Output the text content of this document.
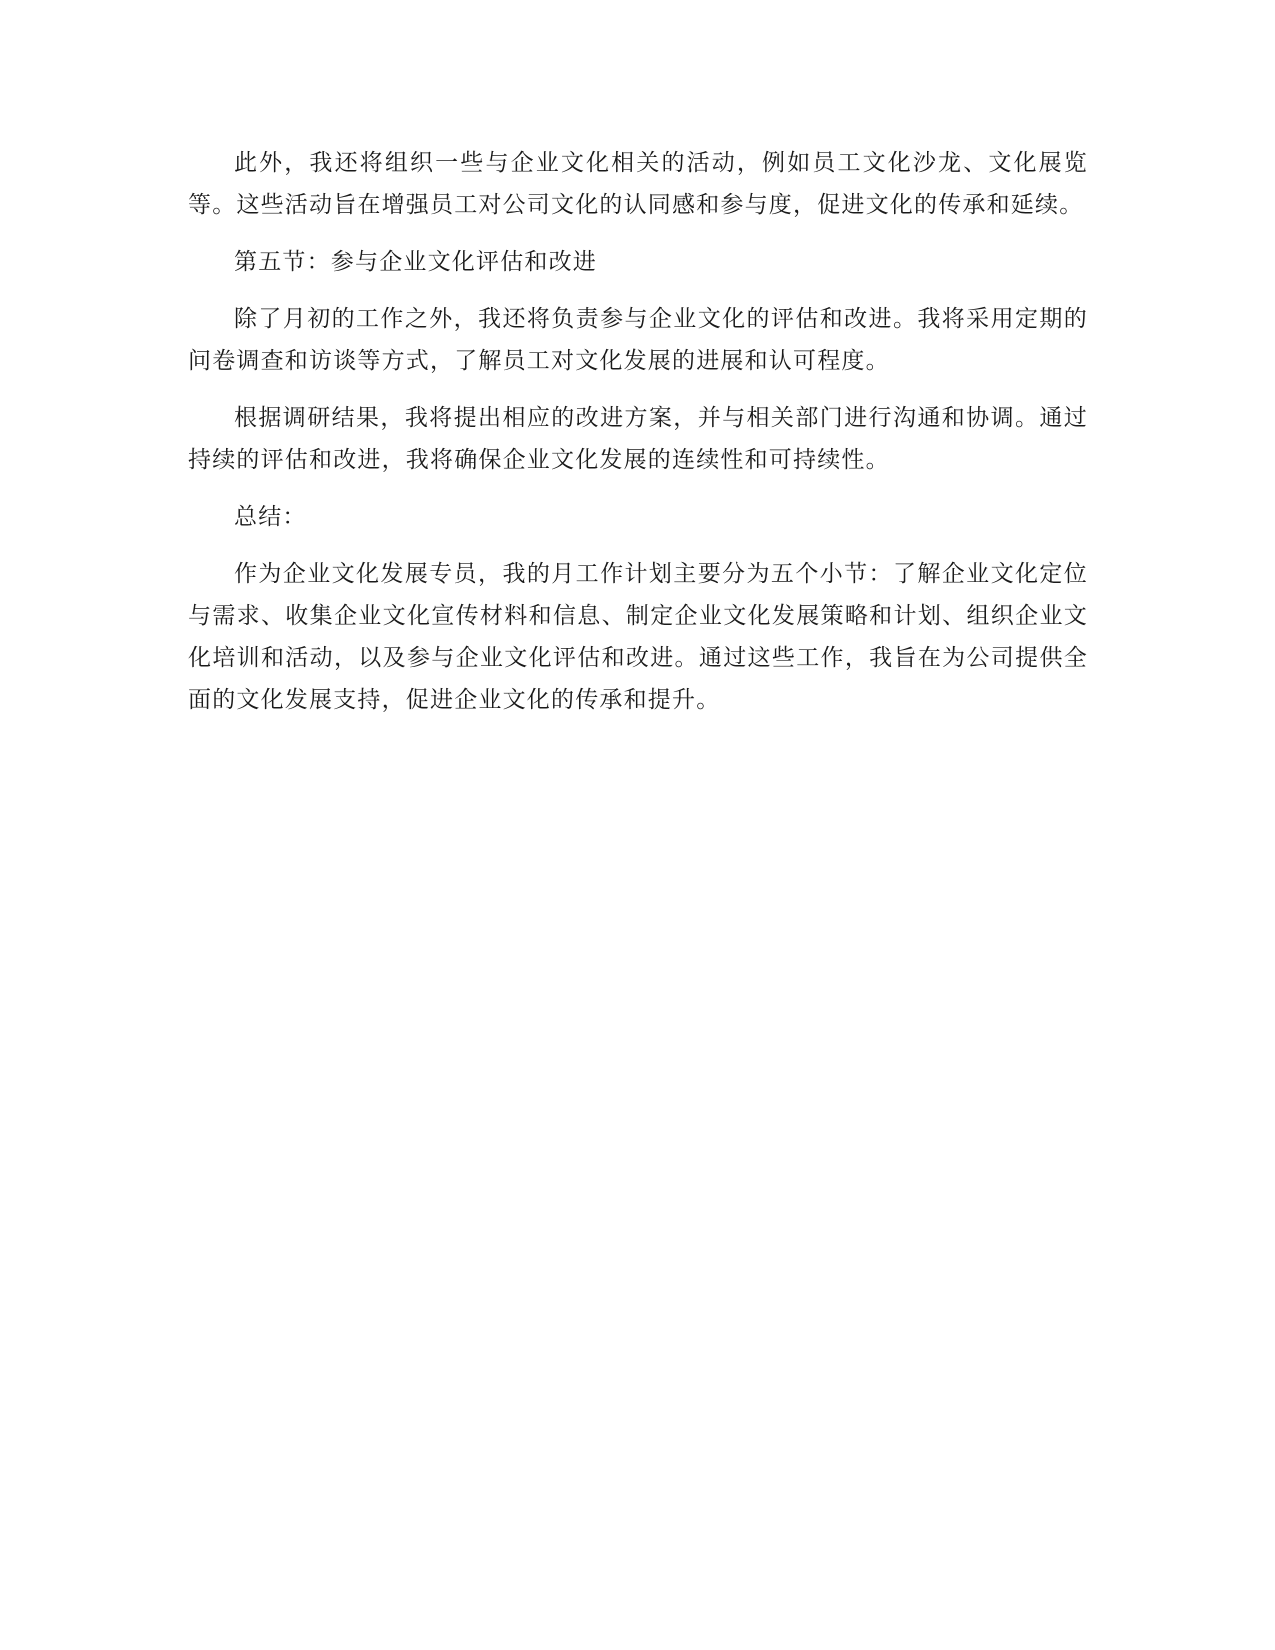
此外，我还将组织一些与企业文化相关的活动，例如员工文化沙龙、文化展览等。这些活动旨在增强员工对公司文化的认同感和参与度，促进文化的传承和延续。

第五节：参与企业文化评估和改进

除了月初的工作之外，我还将负责参与企业文化的评估和改进。我将采用定期的问卷调查和访谈等方式，了解员工对文化发展的进展和认可程度。

根据调研结果，我将提出相应的改进方案，并与相关部门进行沟通和协调。通过持续的评估和改进，我将确保企业文化发展的连续性和可持续性。

总结：

作为企业文化发展专员，我的月工作计划主要分为五个小节：了解企业文化定位与需求、收集企业文化宣传材料和信息、制定企业文化发展策略和计划、组织企业文化培训和活动，以及参与企业文化评估和改进。通过这些工作，我旨在为公司提供全面的文化发展支持，促进企业文化的传承和提升。
